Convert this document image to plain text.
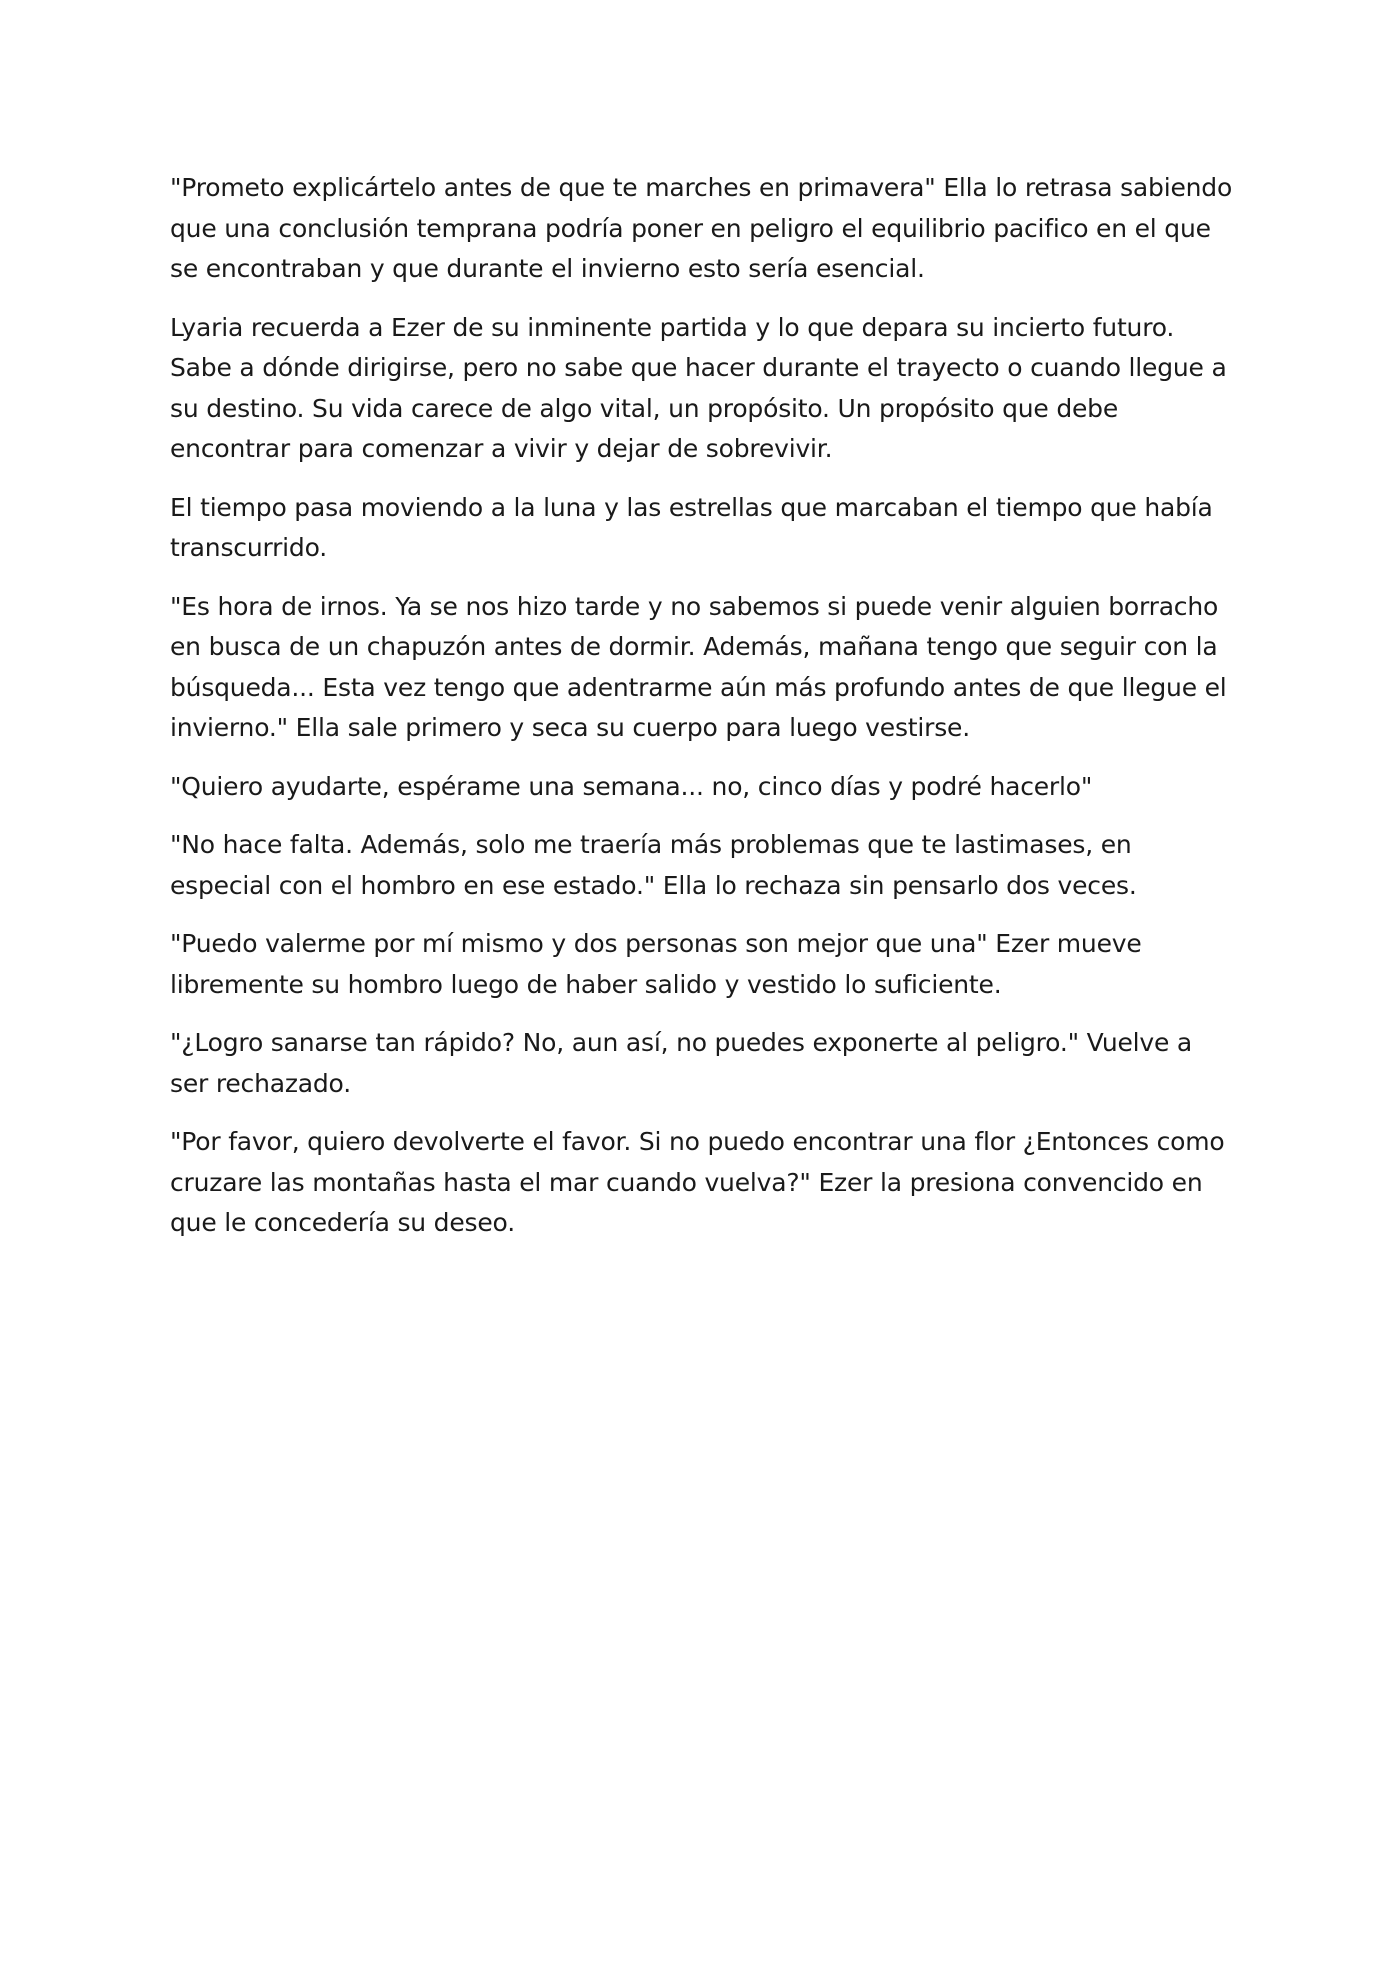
"Prometo explicártelo antes de que te marches en primavera" Ella lo retrasa sabiendo que una conclusión temprana podría poner en peligro el equilibrio pacifico en el que se encontraban y que durante el invierno esto sería esencial.

Lyaria recuerda a Ezer de su inminente partida y lo que depara su incierto futuro. Sabe a dónde dirigirse, pero no sabe que hacer durante el trayecto o cuando llegue a su destino. Su vida carece de algo vital, un propósito. Un propósito que debe encontrar para comenzar a vivir y dejar de sobrevivir.

El tiempo pasa moviendo a la luna y las estrellas que marcaban el tiempo que había transcurrido.

"Es hora de irnos. Ya se nos hizo tarde y no sabemos si puede venir alguien borracho en busca de un chapuzón antes de dormir. Además, mañana tengo que seguir con la búsqueda... Esta vez tengo que adentrarme aún más profundo antes de que llegue el invierno." Ella sale primero y seca su cuerpo para luego vestirse.

"Quiero ayudarte, espérame una semana... no, cinco días y podré hacerlo"

"No hace falta. Además, solo me traería más problemas que te lastimases, en especial con el hombro en ese estado." Ella lo rechaza sin pensarlo dos veces.

"Puedo valerme por mí mismo y dos personas son mejor que una" Ezer mueve libremente su hombro luego de haber salido y vestido lo suficiente.

"¿Logro sanarse tan rápido? No, aun así, no puedes exponerte al peligro." Vuelve a ser rechazado.

"Por favor, quiero devolverte el favor. Si no puedo encontrar una flor ¿Entonces como cruzare las montañas hasta el mar cuando vuelva?" Ezer la presiona convencido en que le concedería su deseo.
